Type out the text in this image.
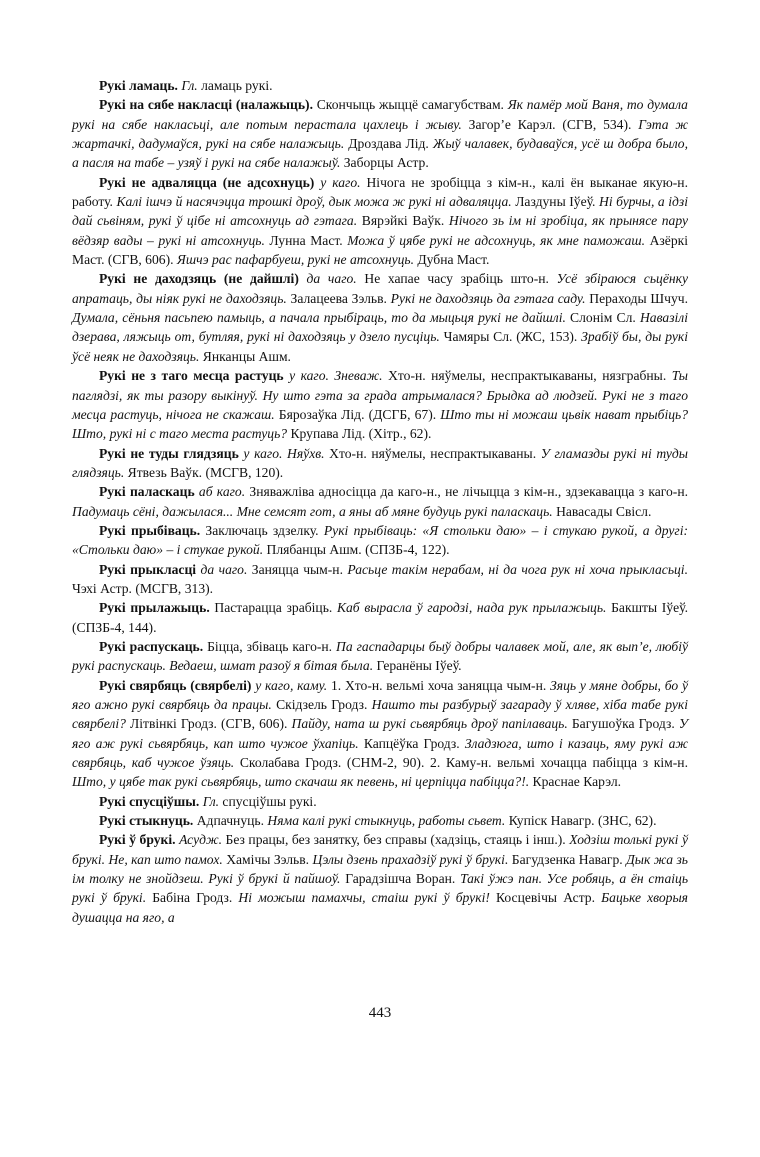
Рукі ламаць. Гл. ламаць рукі.

Рукі на сябе накласці (налажыць). Скончыць жыццё самагубствам. Як памёр мой Ваня, то думала рукі на сябе накласьці, але потым перастала цахлець і жыву. Загор’е Карэл. (СГВ, 534). Гэта ж жартачкі, дадумаўся, рукі на сябе налажыць. Дроздава Лід. Жыў чалавек, будаваўся, усё ш добра было, а пасля на табе – узяў і рукі на сябе налажыў. Заборцы Астр.

Рукі не адваляцца (не адсохнуць) у каго. Нічога не зробіцца з кім-н., калі ён выканае якую-н. работу. Калі ішчэ й насячэцца трошкі дроў, дык можа ж рукі ні адваляцца. Лаздуны Іўеў. Ні бурчы, а ідзі дай сьвіням, рукі ў цібе ні атсохнуць ад гэтага. Вярэйкі Ваўк. Нічого зь ім ні зробіца, як прынясе пару вёдзяр вады – рукі ні атсохнуць. Лунна Маст. Можа ў цябе рукі не адсохнуць, як мне паможаш. Азёркі Маст. (СГВ, 606). Яшчэ рас пафарбуеш, рукі не атсохнуць. Дубна Маст.

Рукі не даходзяць (не дайшлі) да чаго. Не хапае часу зрабіць што-н. Усё збіраюся сьцёнку апратаць, ды ніяк рукі не даходзяць. Залацеева Зэльв. Рукі не даходзяць да гэтага саду. Пераходы Шчуч. Думала, сёньня пасьпею памыць, а пачала прыбіраць, то да мыцьця рукі не дайшлі. Слонім Сл. Навазілі дзерава, ляжыць от, бутляя, рукі ні даходзяць у дзело пусціць. Чамяры Сл. (ЖС, 153). Зрабіў бы, ды рукі ўсё неяк не даходзяць. Янканцы Ашм.

Рукі не з таго месца растуць у каго. Зневаж. Хто-н. няўмелы, неспрактыкаваны, нязграбны. Ты паглядзі, як ты разору выкінуў. Ну што гэта за града атрымалася? Брыдка ад людзей. Рукі не з таго месца растуць, нічога не скажаш. Бярозаўка Лід. (ДСГБ, 67). Што ты ні можаш цьвік нават прыбіць? Што, рукі ні с таго места растуць? Крупава Лід. (Хітр., 62).

Рукі не туды глядзяць у каго. Няўхв. Хто-н. няўмелы, неспрактыкаваны. У гламазды рукі ні туды глядзяць. Ятвезь Ваўк. (МСГВ, 120).

Рукі паласкаць аб каго. Зняважліва адносіцца да каго-н., не лічыцца з кім-н., здзекавацца з каго-н. Падумаць сёні, дажылася... Мне семсят гот, а яны аб мяне будуць рукі паласкаць. Навасады Свісл.

Рукі прыбіваць. Заключаць здзелку. Рукі прыбіваць: «Я стольки даю» – і стукаю рукой, а другі: «Стольки даю» – і стукае рукой. Плябанцы Ашм. (СПЗБ-4, 122).

Рукі прыкласці да чаго. Заняцца чым-н. Расьце такім нерабам, ні да чога рук ні хоча прыкласьці. Чэхі Астр. (МСГВ, 313).

Рукі прылажыць. Пастарацца зрабіць. Каб вырасла ў гародзі, нада рук прылажыць. Бакшты Іўеў. (СПЗБ-4, 144).

Рукі распускаць. Біцца, збіваць каго-н. Па гаспадарцы быў добры чалавек мой, але, як вып’е, любіў рукі распускаць. Ведаеш, шмат разоў я бітая была. Геранёны Іўеў.

Рукі свярбяць (свярбелі) у каго, каму. 1. Хто-н. вельмі хоча заняцца чым-н. Зяць у мяне добры, бо ў яго ажно рукі свярбяць да працы. Скідзель Гродз. Нашто ты разбурыў загараду ў хляве, хіба табе рукі свярбелі? Літвінкі Гродз. (СГВ, 606). Пайду, ната ш рукі сьвярбяць дроў папілаваць. Багушоўка Гродз. У яго аж рукі сьвярбяць, кап што чужое ўхапіць. Капцёўка Гродз. Зладзюга, што і казаць, яму рукі аж свярбяць, каб чужое ўзяць. Сколабава Гродз. (СНМ-2, 90). 2. Каму-н. вельмі хочацца пабіцца з кім-н. Што, у цябе так рукі сьвярбяць, што скачаш як певень, ні церпіцца пабіцца?!. Краснае Карэл.

Рукі спусціўшы. Гл. спусціўшы рукі.

Рукі стыкнуць. Адпачнуць. Няма калі рукі стыкнуць, работы сьвет. Купіск Навагр. (ЗНС, 62).

Рукі ў брукі. Асудж. Без працы, без занятку, без справы (хадзіць, стаяць і інш.). Ходзіш толькі рукі ў брукі. Не, кап што памох. Хамічы Зэльв. Цэлы дзень прахадзіў рукі ў брукі. Багудзенка Навагр. Дык жа зь ім толку не знойдзеш. Рукі ў брукі й пайшоў. Гарадзішча Воран. Такі ўжэ пан. Усе робяць, а ён стаіць рукі ў брукі. Бабіна Гродз. Ні можыш памахчы, стаіш рукі ў брукі! Косцевічы Астр. Бацьке хворыя душацца на яго, а

443
